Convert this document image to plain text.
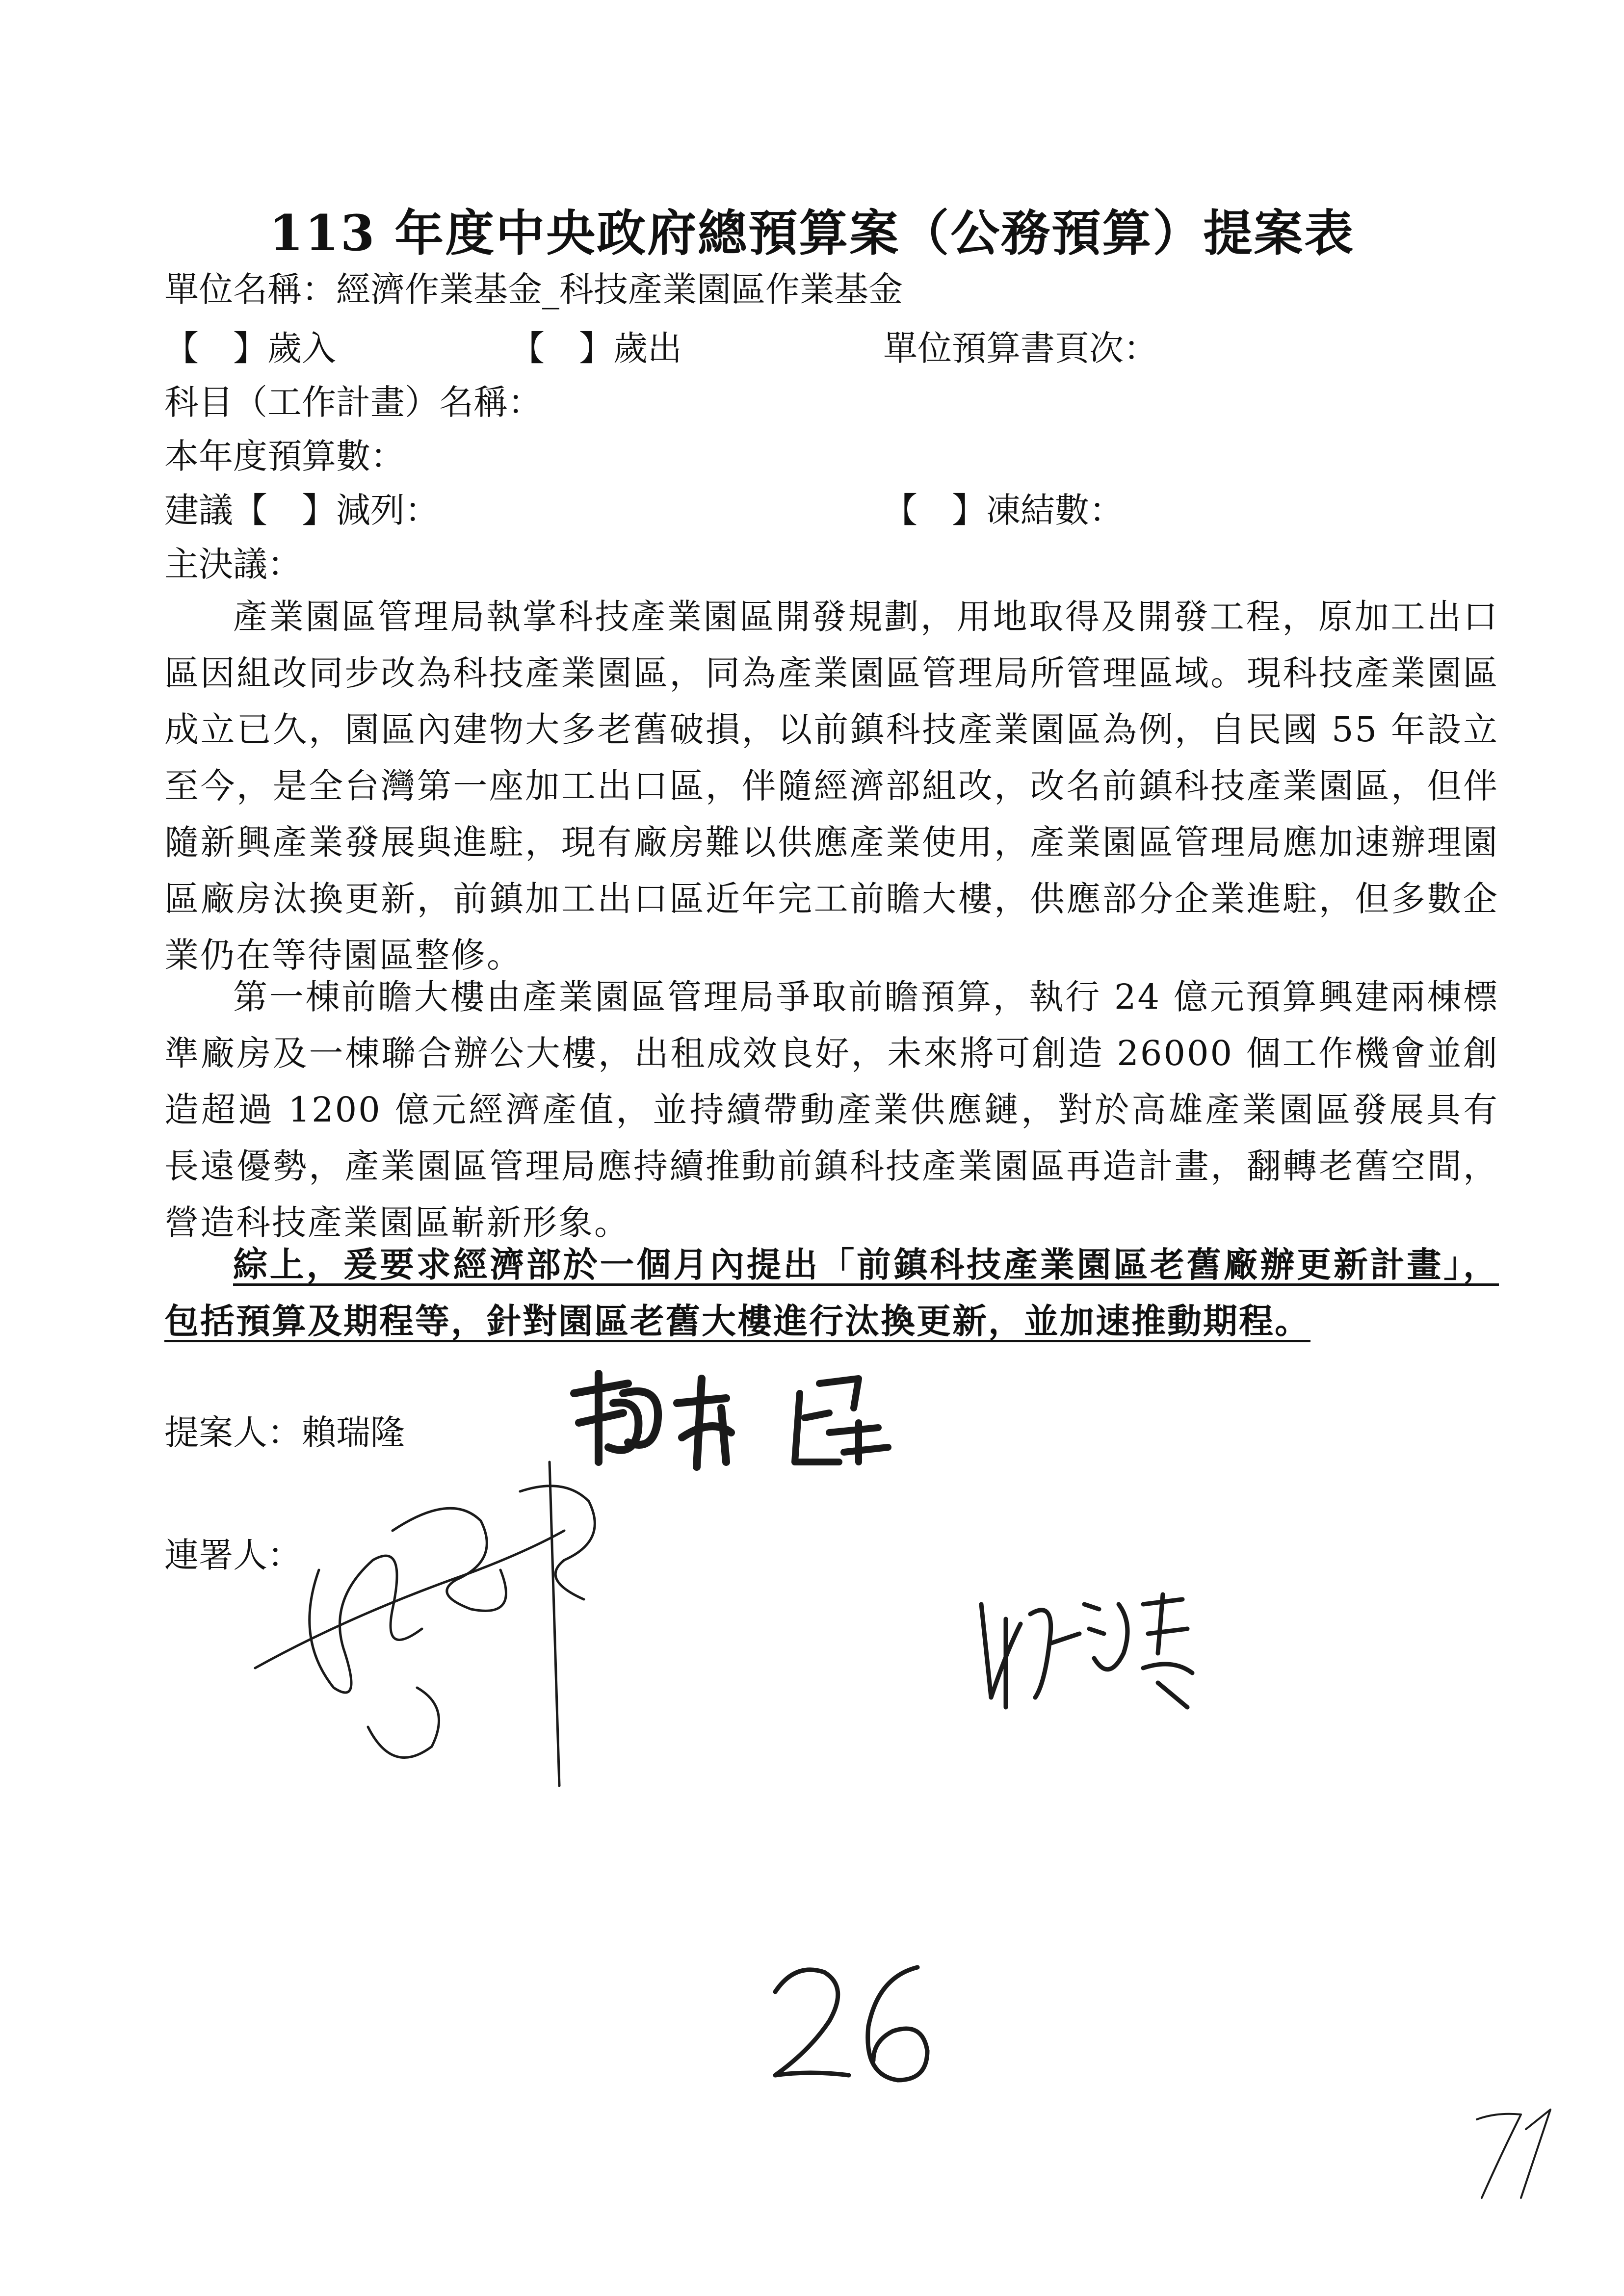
113 年度中央政府總預算案（公務預算）提案表
單位名稱：經濟作業基金_科技產業園區作業基金
【　】歲入	【　】歲出	單位預算書頁次：
科目（工作計畫）名稱：
本年度預算數：
建議【　】減列：	【　】凍結數：
主決議：
產業園區管理局執掌科技產業園區開發規劃，用地取得及開發工程，原加工出口區因組改同步改為科技產業園區，同為產業園區管理局所管理區域。現科技產業園區成立已久，園區內建物大多老舊破損，以前鎮科技產業園區為例，自民國 55 年設立至今，是全台灣第一座加工出口區，伴隨經濟部組改，改名前鎮科技產業園區，但伴隨新興產業發展與進駐，現有廠房難以供應產業使用，產業園區管理局應加速辦理園區廠房汰換更新，前鎮加工出口區近年完工前瞻大樓，供應部分企業進駐，但多數企業仍在等待園區整修。
第一棟前瞻大樓由產業園區管理局爭取前瞻預算，執行 24 億元預算興建兩棟標準廠房及一棟聯合辦公大樓，出租成效良好，未來將可創造 26000 個工作機會並創造超過 1200 億元經濟產值，並持續帶動產業供應鏈，對於高雄產業園區發展具有長遠優勢，產業園區管理局應持續推動前鎮科技產業園區再造計畫，翻轉老舊空間，營造科技產業園區嶄新形象。
綜上，爰要求經濟部於一個月內提出「前鎮科技產業園區老舊廠辦更新計畫」，包括預算及期程等，針對園區老舊大樓進行汰換更新，並加速推動期程。
提案人：賴瑞隆
連署人：
